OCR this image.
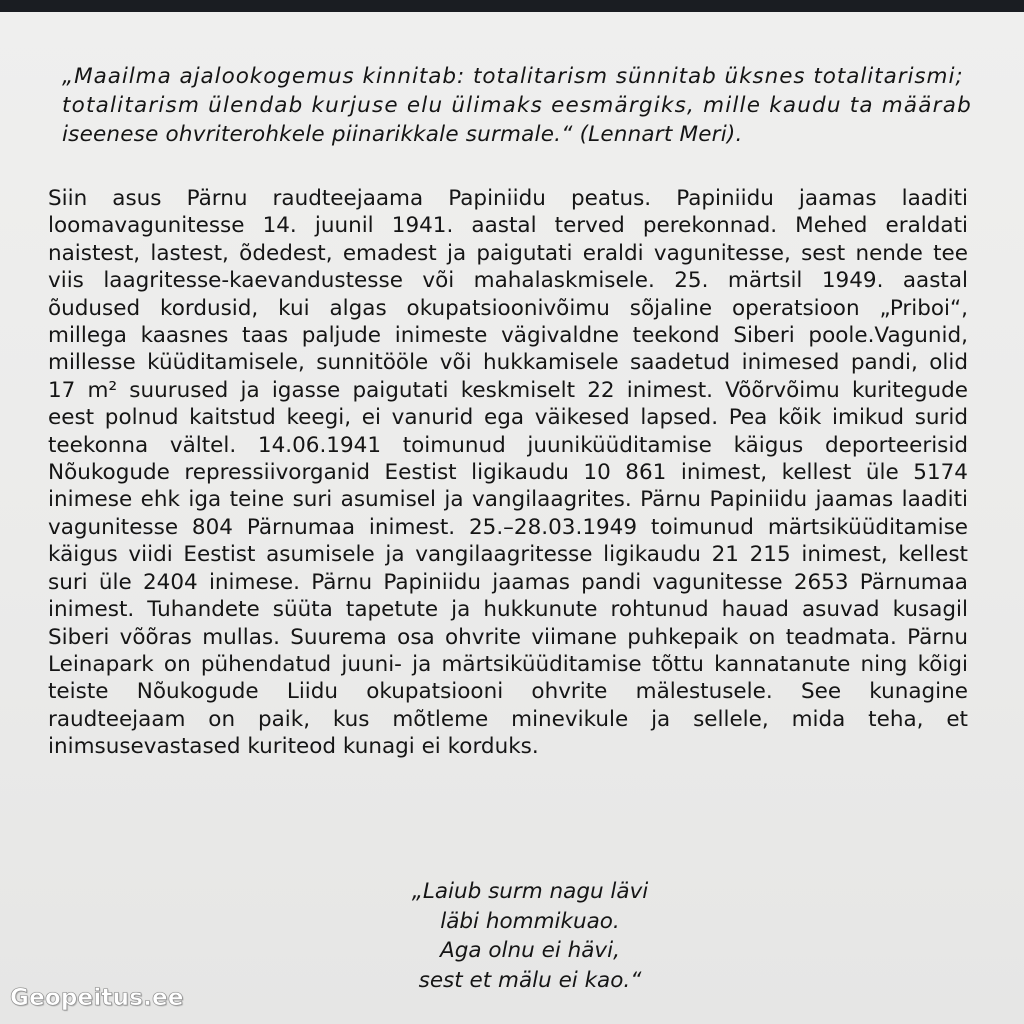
„Maailma ajalookogemus kinnitab: totalitarism sünnitab üksnes totalitarismi;
totalitarism ülendab kurjuse elu ülimaks eesmärgiks, mille kaudu ta määrab
iseenese ohvriterohkele piinarikkale surmale.“ (Lennart Meri).
Siin asus Pärnu raudteejaama Papiniidu peatus. Papiniidu jaamas laaditi
loomavagunitesse 14. juunil 1941. aastal terved perekonnad. Mehed eraldati
naistest, lastest, õdedest, emadest ja paigutati eraldi vagunitesse, sest nende tee
viis laagritesse-kaevandustesse või mahalaskmisele. 25. märtsil 1949. aastal
õudused kordusid, kui algas okupatsioonivõimu sõjaline operatsioon „Priboi“,
millega kaasnes taas paljude inimeste vägivaldne teekond Siberi poole.Vagunid,
millesse küüditamisele, sunnitööle või hukkamisele saadetud inimesed pandi, olid
17 m² suurused ja igasse paigutati keskmiselt 22 inimest. Võõrvõimu kuritegude
eest polnud kaitstud keegi, ei vanurid ega väikesed lapsed. Pea kõik imikud surid
teekonna vältel. 14.06.1941 toimunud juuniküüditamise käigus deporteerisid
Nõukogude repressiivorganid Eestist ligikaudu 10 861 inimest, kellest üle 5174
inimese ehk iga teine suri asumisel ja vangilaagrites. Pärnu Papiniidu jaamas laaditi
vagunitesse 804 Pärnumaa inimest. 25.–28.03.1949 toimunud märtsiküüditamise
käigus viidi Eestist asumisele ja vangilaagritesse ligikaudu 21 215 inimest, kellest
suri üle 2404 inimese. Pärnu Papiniidu jaamas pandi vagunitesse 2653 Pärnumaa
inimest. Tuhandete süüta tapetute ja hukkunute rohtunud hauad asuvad kusagil
Siberi võõras mullas. Suurema osa ohvrite viimane puhkepaik on teadmata. Pärnu
Leinapark on pühendatud juuni- ja märtsiküüditamise tõttu kannatanute ning kõigi
teiste Nõukogude Liidu okupatsiooni ohvrite mälestusele. See kunagine
raudteejaam on paik, kus mõtleme minevikule ja sellele, mida teha, et
inimsusevastased kuriteod kunagi ei korduks.
„Laiub surm nagu lävi
läbi hommikuao.
Aga olnu ei hävi,
sest et mälu ei kao.“
Geopeitus.ee
